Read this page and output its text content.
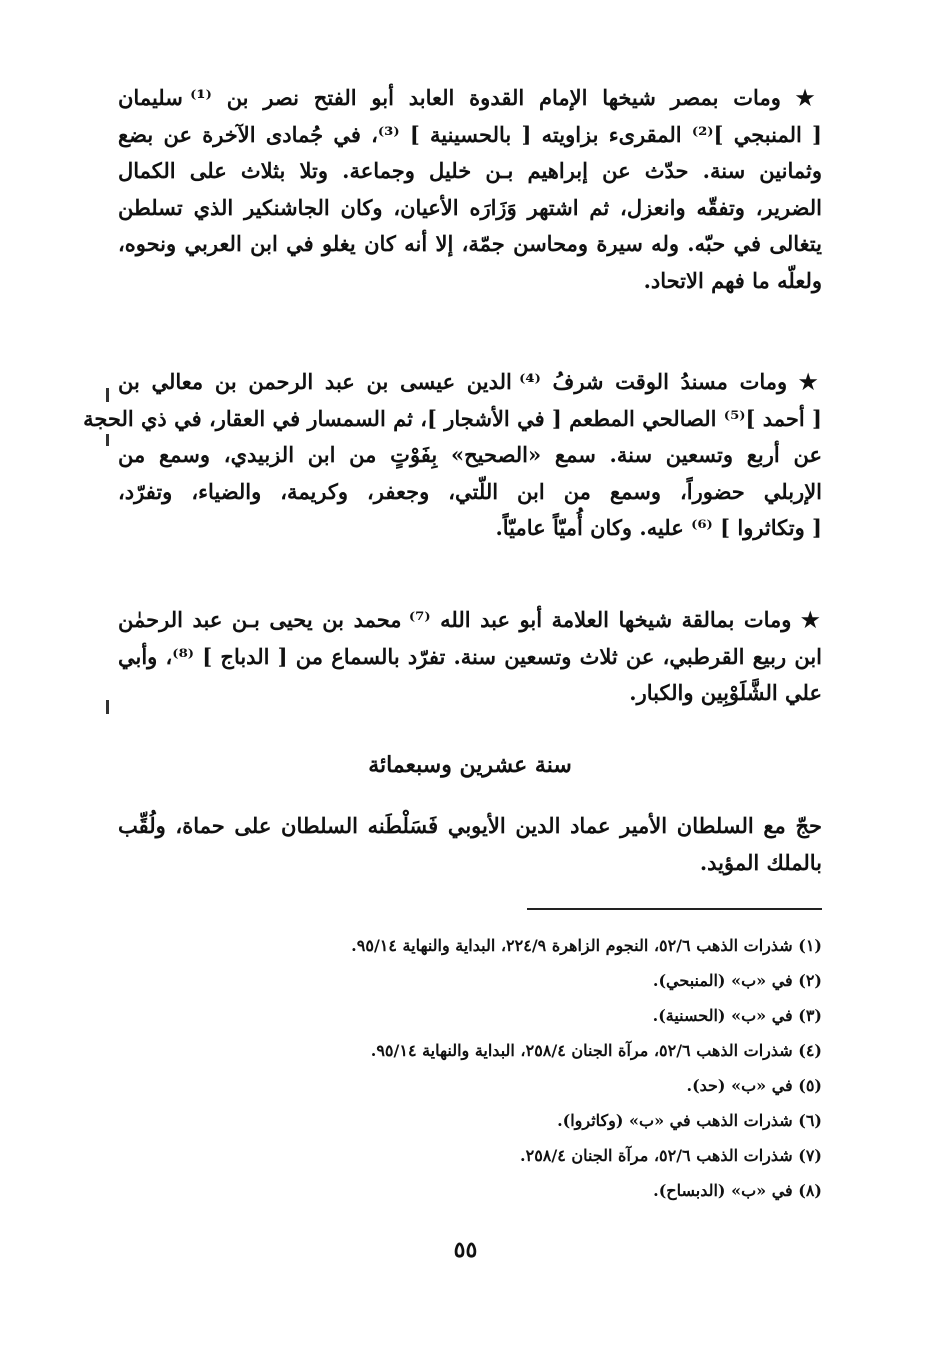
★ ومات بمصر شيخها الإمام القدوة العابد أبو الفتح نصر بن ⁽¹⁾ سليمان
[ المنبجي ]⁽²⁾ المقرىء بزاويته [ بالحسينية ] ⁽³⁾، في جُمادى الآخرة عن بضع
وثمانين سنة. حدّث عن إبراهيم بـن خليل وجماعة. وتلا بثلاث على الكمال
الضرير، وتفقّه وانعزل، ثم اشتهر وَزَارَه الأعيان، وكان الجاشنكير الذي تسلطن
يتغالى في حبّه. وله سيرة ومحاسن جمّة، إلا أنه كان يغلو في ابن العربي ونحوه،
ولعلّه ما فهم الاتحاد.
★ ومات مسندُ الوقت شرفُ ⁽⁴⁾ الدين عيسى بن عبد الرحمن بن معالي بن
[ أحمد ]⁽⁵⁾ الصالحي المطعم [ في الأشجار ]، ثم السمسار في العقار، في ذي الحجة
عن أربع وتسعين سنة. سمع «الصحيح» بِفَوْتٍ من ابن الزبيدي، وسمع من
الإربلي حضوراً، وسمع من ابن اللّتي، وجعفر، وكريمة، والضياء، وتفرّد،
[ وتكاثروا ] ⁽⁶⁾ عليه. وكان أُميّاً عاميّاً.
★ ومات بمالقة شيخها العلامة أبو عبد الله ⁽⁷⁾ محمد بن يحيى بـن عبد الرحمٰن
ابن ربيع القرطبي، عن ثلاث وتسعين سنة. تفرّد بالسماع من [ الدباج ] ⁽⁸⁾، وأبي
علي الشَّلَوْبِين والكبار.
سنة عشرين وسبعمائة
حجّ مع السلطان الأمير عماد الدين الأيوبي فَسَلْطَنه السلطان على حماة، ولُقِّب
بالملك المؤيد.
(١) شذرات الذهب ٥٢/٦، النجوم الزاهرة ٢٢٤/٩، البداية والنهاية ٩٥/١٤.
(٢) في «ب» (المنبحي).
(٣) في «ب» (الحسنية).
(٤) شذرات الذهب ٥٢/٦، مرآة الجنان ٢٥٨/٤، البداية والنهاية ٩٥/١٤.
(٥) في «ب» (حد).
(٦) شذرات الذهب في «ب» (وكاثروا).
(٧) شذرات الذهب ٥٢/٦، مرآة الجنان ٢٥٨/٤.
(٨) في «ب» (الدبساح).
٥٥
